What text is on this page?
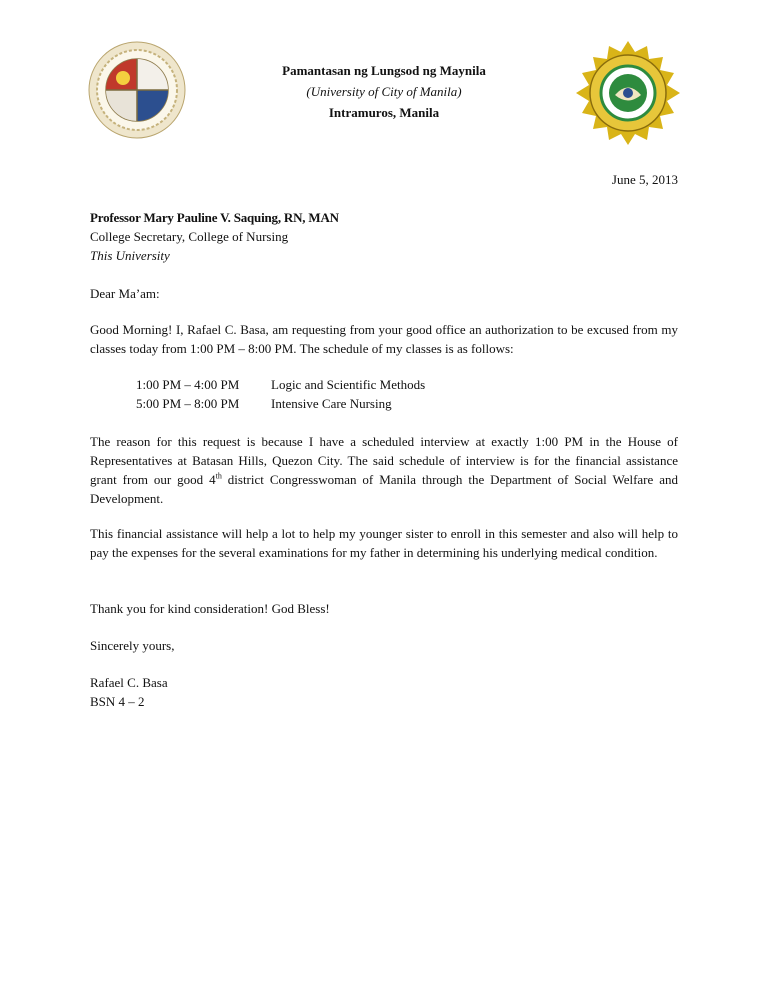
Pamantasan ng Lungsod ng Maynila
(University of City of Manila)
Intramuros, Manila
June 5, 2013
Professor Mary Pauline V. Saquing, RN, MAN
College Secretary, College of Nursing
This University
Dear Ma’am:
Good Morning! I, Rafael C. Basa, am requesting from your good office an authorization to be excused from my classes today from 1:00 PM – 8:00 PM. The schedule of my classes is as follows:
1:00 PM – 4:00 PM	Logic and Scientific Methods
5:00 PM – 8:00 PM	Intensive Care Nursing
The reason for this request is because I have a scheduled interview at exactly 1:00 PM in the House of Representatives at Batasan Hills, Quezon City. The said schedule of interview is for the financial assistance grant from our good 4th district Congresswoman of Manila through the Department of Social Welfare and Development.
This financial assistance will help a lot to help my younger sister to enroll in this semester and also will help to pay the expenses for the several examinations for my father in determining his underlying medical condition.
Thank you for kind consideration! God Bless!
Sincerely yours,
Rafael C. Basa
BSN 4 – 2
